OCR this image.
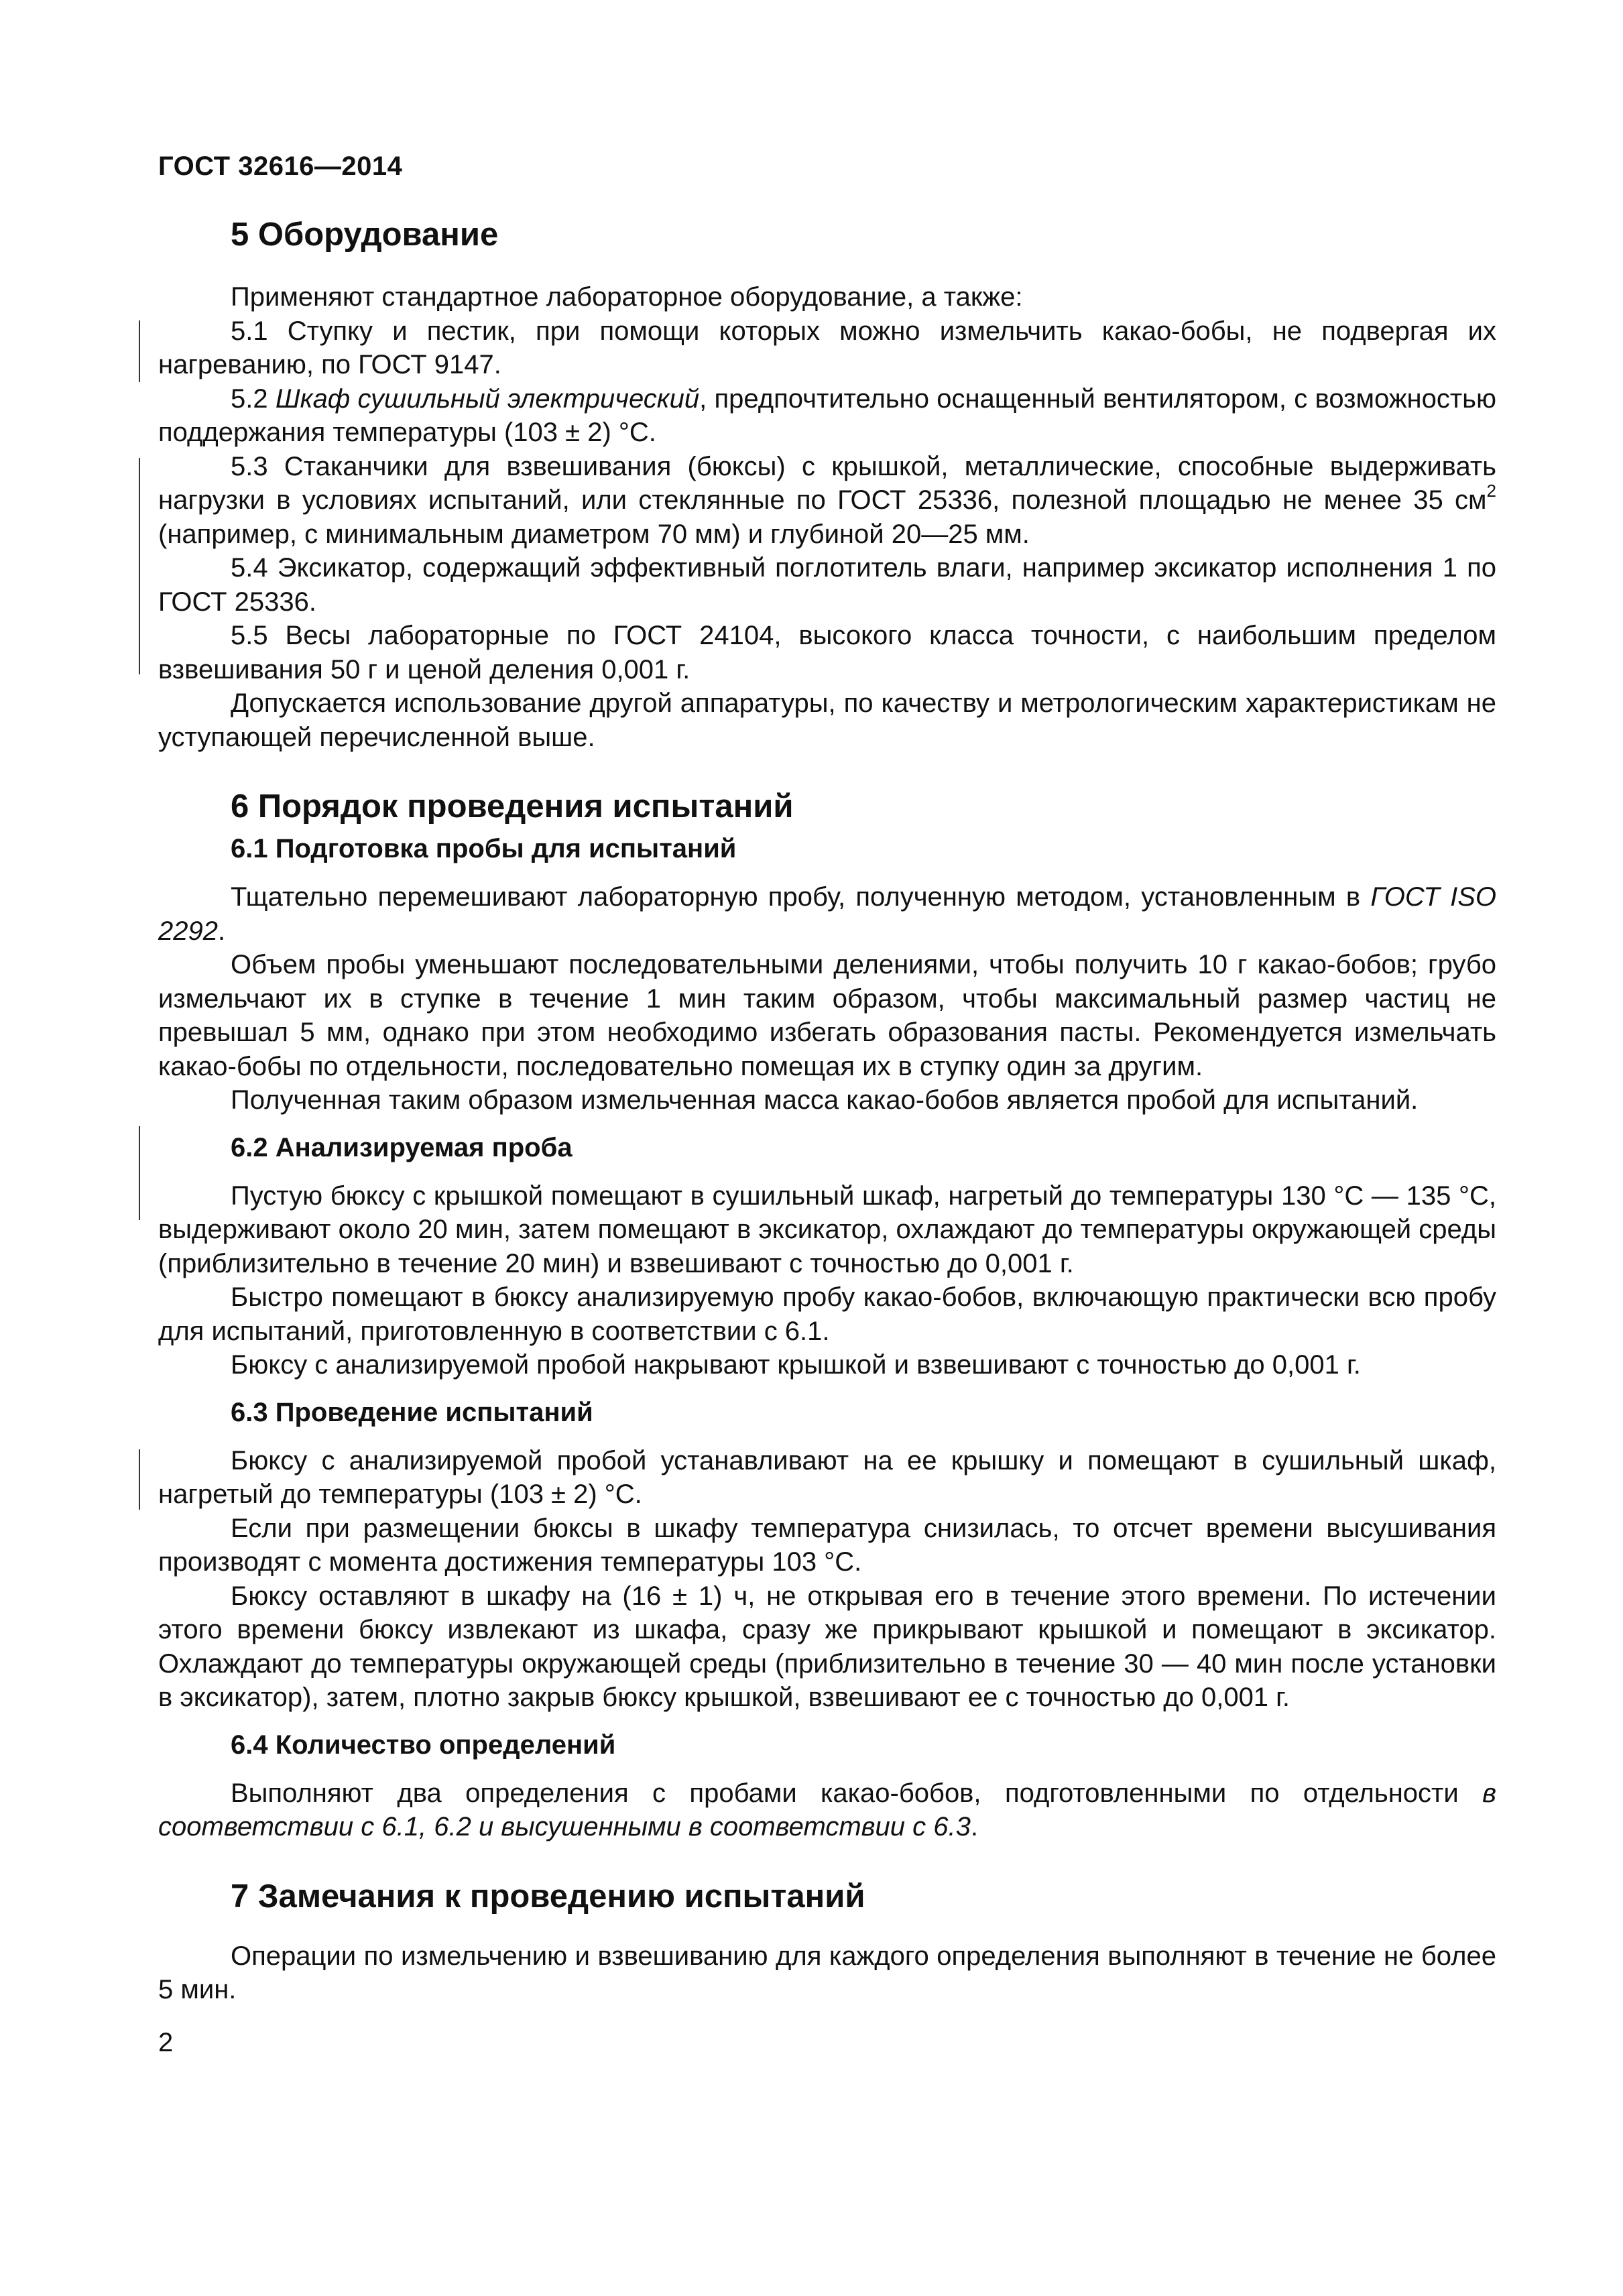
ГОСТ 32616—2014
5 Оборудование

Применяют стандартное лабораторное оборудование, а также:

5.1 Ступку и пестик, при помощи которых можно измельчить какао-бобы, не подвергая их нагреванию, по ГОСТ 9147.

5.2 Шкаф сушильный электрический, предпочтительно оснащенный вентилятором, с возможностью поддержания температуры (103 ± 2) °С.

5.3 Стаканчики для взвешивания (бюксы) с крышкой, металлические, способные выдерживать нагрузки в условиях испытаний, или стеклянные по ГОСТ 25336, полезной площадью не менее 35 $см^2$ (например, с минимальным диаметром 70 мм) и глубиной 20—25 мм.

5.4 Эксикатор, содержащий эффективный поглотитель влаги, например эксикатор исполнения 1 по ГОСТ 25336.

5.5 Весы лабораторные по ГОСТ 24104, высокого класса точности, с наибольшим пределом взвешивания 50 г и ценой деления 0,001 г.

Допускается использование другой аппаратуры, по качеству и метрологическим характеристикам не уступающей перечисленной выше.

6 Порядок проведения испытаний
6.1 Подготовка пробы для испытаний

Тщательно перемешивают лабораторную пробу, полученную методом, установленным в ГОСТ ISO 2292.

Объем пробы уменьшают последовательными делениями, чтобы получить 10 г какао-бобов; грубо измельчают их в ступке в течение 1 мин таким образом, чтобы максимальный размер частиц не превышал 5 мм, однако при этом необходимо избегать образования пасты. Рекомендуется измельчать какао-бобы по отдельности, последовательно помещая их в ступку один за другим.

Полученная таким образом измельченная масса какао-бобов является пробой для испытаний.

6.2 Анализируемая проба

Пустую бюксу с крышкой помещают в сушильный шкаф, нагретый до температуры 130 °С — 135 °С, выдерживают около 20 мин, затем помещают в эксикатор, охлаждают до температуры окружающей среды (приблизительно в течение 20 мин) и взвешивают с точностью до 0,001 г.

Быстро помещают в бюксу анализируемую пробу какао-бобов, включающую практически всю пробу для испытаний, приготовленную в соответствии с 6.1.

Бюксу с анализируемой пробой накрывают крышкой и взвешивают с точностью до 0,001 г.

6.3 Проведение испытаний

Бюксу с анализируемой пробой устанавливают на ее крышку и помещают в сушильный шкаф, нагретый до температуры (103 ± 2) °С.

Если при размещении бюксы в шкафу температура снизилась, то отсчет времени высушивания производят с момента достижения температуры 103 °С.

Бюксу оставляют в шкафу на (16 ± 1) ч, не открывая его в течение этого времени. По истечении этого времени бюксу извлекают из шкафа, сразу же прикрывают крышкой и помещают в эксикатор. Охлаждают до температуры окружающей среды (приблизительно в течение 30 — 40 мин после установки в эксикатор), затем, плотно закрыв бюксу крышкой, взвешивают ее с точностью до 0,001 г.

6.4 Количество определений

Выполняют два определения с пробами какао-бобов, подготовленными по отдельности в соответствии с 6.1, 6.2 и высушенными в соответствии с 6.3.

7 Замечания к проведению испытаний

Операции по измельчению и взвешиванию для каждого определения выполняют в течение не более 5 мин.

2
